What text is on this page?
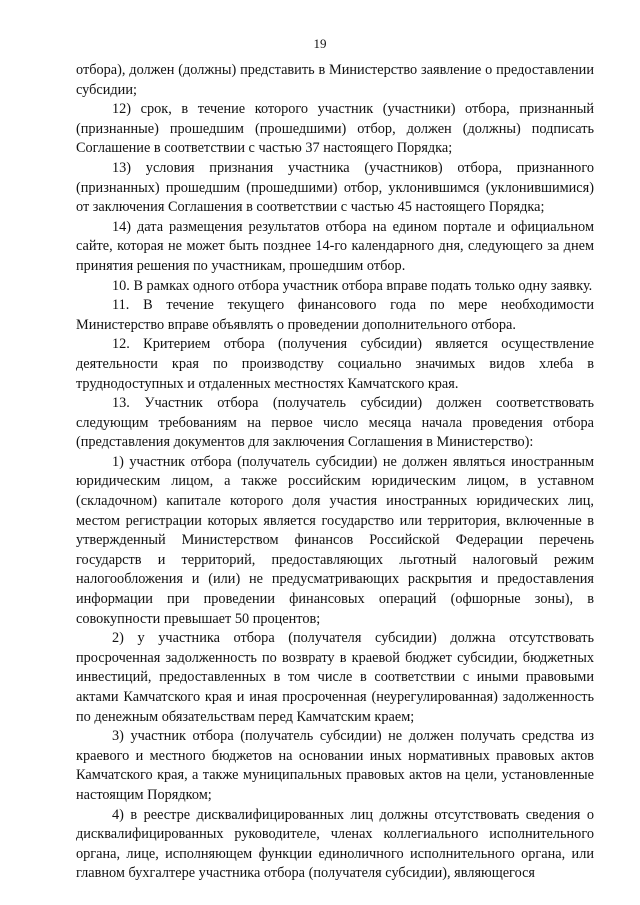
19

отбора), должен (должны) представить в Министерство заявление о предоставлении субсидии;

12) срок, в течение которого участник (участники) отбора, признанный (признанные) прошедшим (прошедшими) отбор, должен (должны) подписать Соглашение в соответствии с частью 37 настоящего Порядка;

13) условия признания участника (участников) отбора, признанного (признанных) прошедшим (прошедшими) отбор, уклонившимся (уклонившимися) от заключения Соглашения в соответствии с частью 45 настоящего Порядка;

14) дата размещения результатов отбора на едином портале и официальном сайте, которая не может быть позднее 14-го календарного дня, следующего за днем принятия решения по участникам, прошедшим отбор.

10. В рамках одного отбора участник отбора вправе подать только одну заявку.

11. В течение текущего финансового года по мере необходимости Министерство вправе объявлять о проведении дополнительного отбора.

12. Критерием отбора (получения субсидии) является осуществление деятельности края по производству социально значимых видов хлеба в труднодоступных и отдаленных местностях Камчатского края.

13. Участник отбора (получатель субсидии) должен соответствовать следующим требованиям на первое число месяца начала проведения отбора (представления документов для заключения Соглашения в Министерство):

1) участник отбора (получатель субсидии) не должен являться иностранным юридическим лицом, а также российским юридическим лицом, в уставном (складочном) капитале которого доля участия иностранных юридических лиц, местом регистрации которых является государство или территория, включенные в утвержденный Министерством финансов Российской Федерации перечень государств и территорий, предоставляющих льготный налоговый режим налогообложения и (или) не предусматривающих раскрытия и предоставления информации при проведении финансовых операций (офшорные зоны), в совокупности превышает 50 процентов;

2) у участника отбора (получателя субсидии) должна отсутствовать просроченная задолженность по возврату в краевой бюджет субсидии, бюджетных инвестиций, предоставленных в том числе в соответствии с иными правовыми актами Камчатского края и иная просроченная (неурегулированная) задолженность по денежным обязательствам перед Камчатским краем;

3) участник отбора (получатель субсидии) не должен получать средства из краевого и местного бюджетов на основании иных нормативных правовых актов Камчатского края, а также муниципальных правовых актов на цели, установленные настоящим Порядком;

4) в реестре дисквалифицированных лиц должны отсутствовать сведения о дисквалифицированных руководителе, членах коллегиального исполнительного органа, лице, исполняющем функции единоличного исполнительного органа, или главном бухгалтере участника отбора (получателя субсидии), являющегося
